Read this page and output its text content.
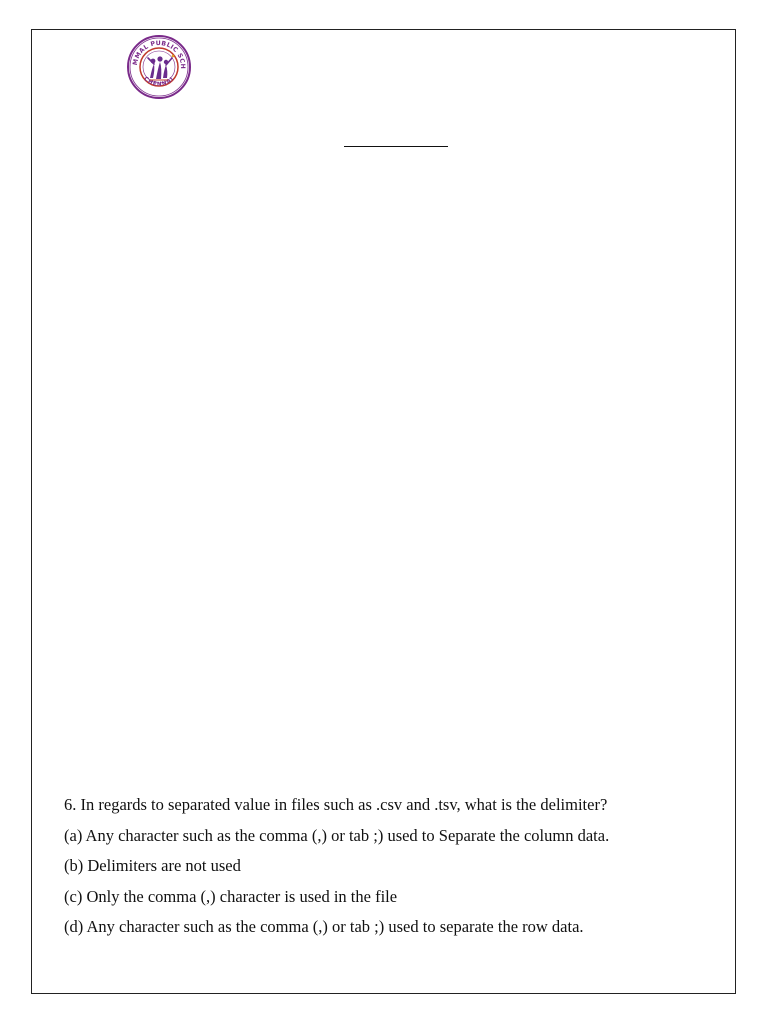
MMAL PUBLIC SCH
CHENNAI

6. In regards to separated value in files such as .csv and .tsv, what is the delimiter?

(a) Any character such as the comma (,) or tab ;) used to Separate the column data.

(b) Delimiters are not used

(c) Only the comma (,) character is used in the file

(d) Any character such as the comma (,) or tab ;) used to separate the row data.
